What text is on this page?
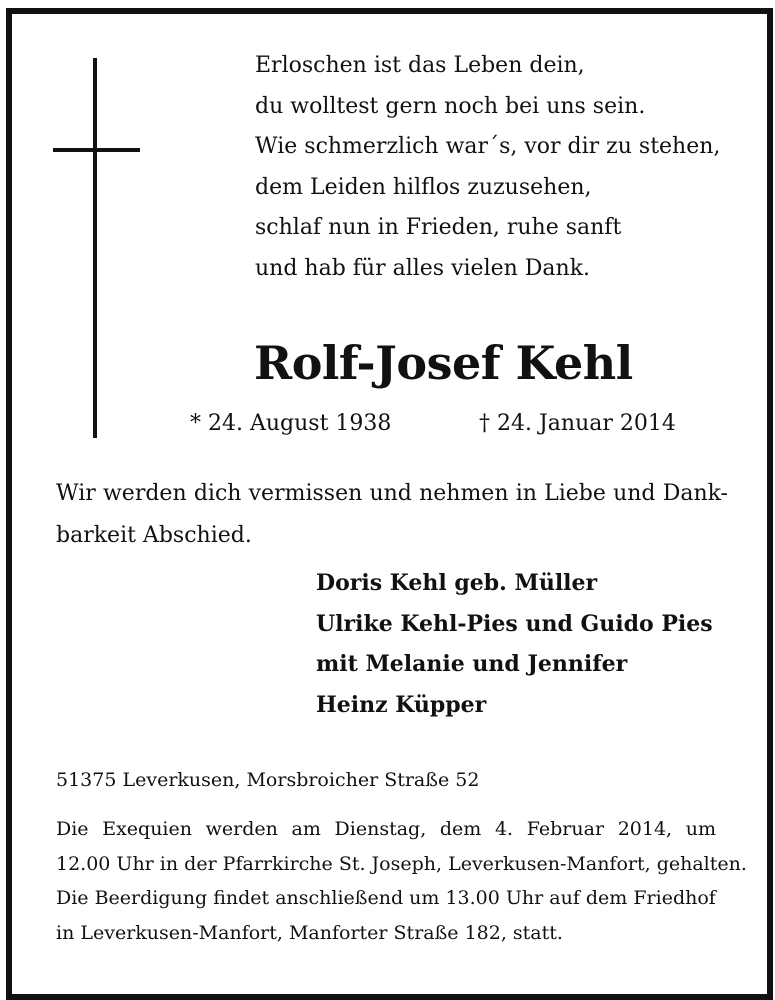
Erloschen ist das Leben dein,
du wolltest gern noch bei uns sein.
Wie schmerzlich war´s, vor dir zu stehen,
dem Leiden hilflos zuzusehen,
schlaf nun in Frieden, ruhe sanft
und hab für alles vielen Dank.
Rolf-Josef Kehl
* 24. August 1938	† 24. Januar 2014
Wir werden dich vermissen und nehmen in Liebe und Dank- barkeit Abschied.
Doris Kehl geb. Müller
Ulrike Kehl-Pies und Guido Pies
mit Melanie und Jennifer
Heinz Küpper
51375 Leverkusen, Morsbroicher Straße 52
Die Exequien werden am Dienstag, dem 4. Februar 2014, um
12.00 Uhr in der Pfarrkirche St. Joseph, Leverkusen-Manfort, gehalten.
Die Beerdigung findet anschließend um 13.00 Uhr auf dem Friedhof
in Leverkusen-Manfort, Manforter Straße 182, statt.
